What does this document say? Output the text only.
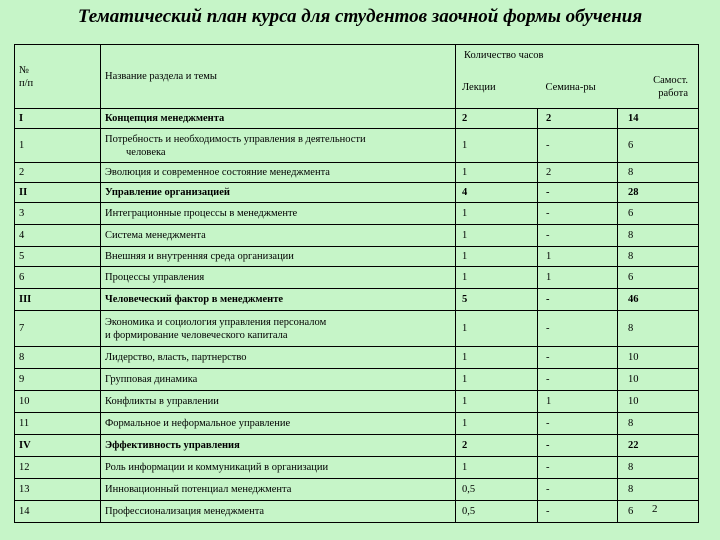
Тематический план курса для студентов заочной формы обучения
№
п/п	Название раздела и темы	Количество часов		
		Лекции	Семина-ры	Самост.
работа
I	Концепция менеджмента	2	2	14
1	Потребность и необходимость управления в деятельности
человека	1	-	6
2	Эволюция и современное состояние менеджмента	1	2	8
II	Управление организацией	4	-	28
3	Интеграционные процессы в менеджменте	1	-	6
4	Система менеджмента	1	-	8
5	Внешняя и внутренняя среда организации	1	1	8
6	Процессы управления	1	1	6
III	Человеческий фактор в менеджменте	5	-	46
7	Экономика и социология управления персоналом
и формирование человеческого капитала	1	-	8
8	Лидерство, власть, партнерство	1	-	10
9	Групповая динамика	1	-	10
10	Конфликты в управлении	1	1	10
11	Формальное и неформальное управление	1	-	8
IV	Эффективность управления	2	-	22
12	Роль информации и коммуникаций в организации	1	-	8
13	Инновационный потенциал менеджмента	0,5	-	8
14	Профессионализация менеджмента	0,5	-	6 2
